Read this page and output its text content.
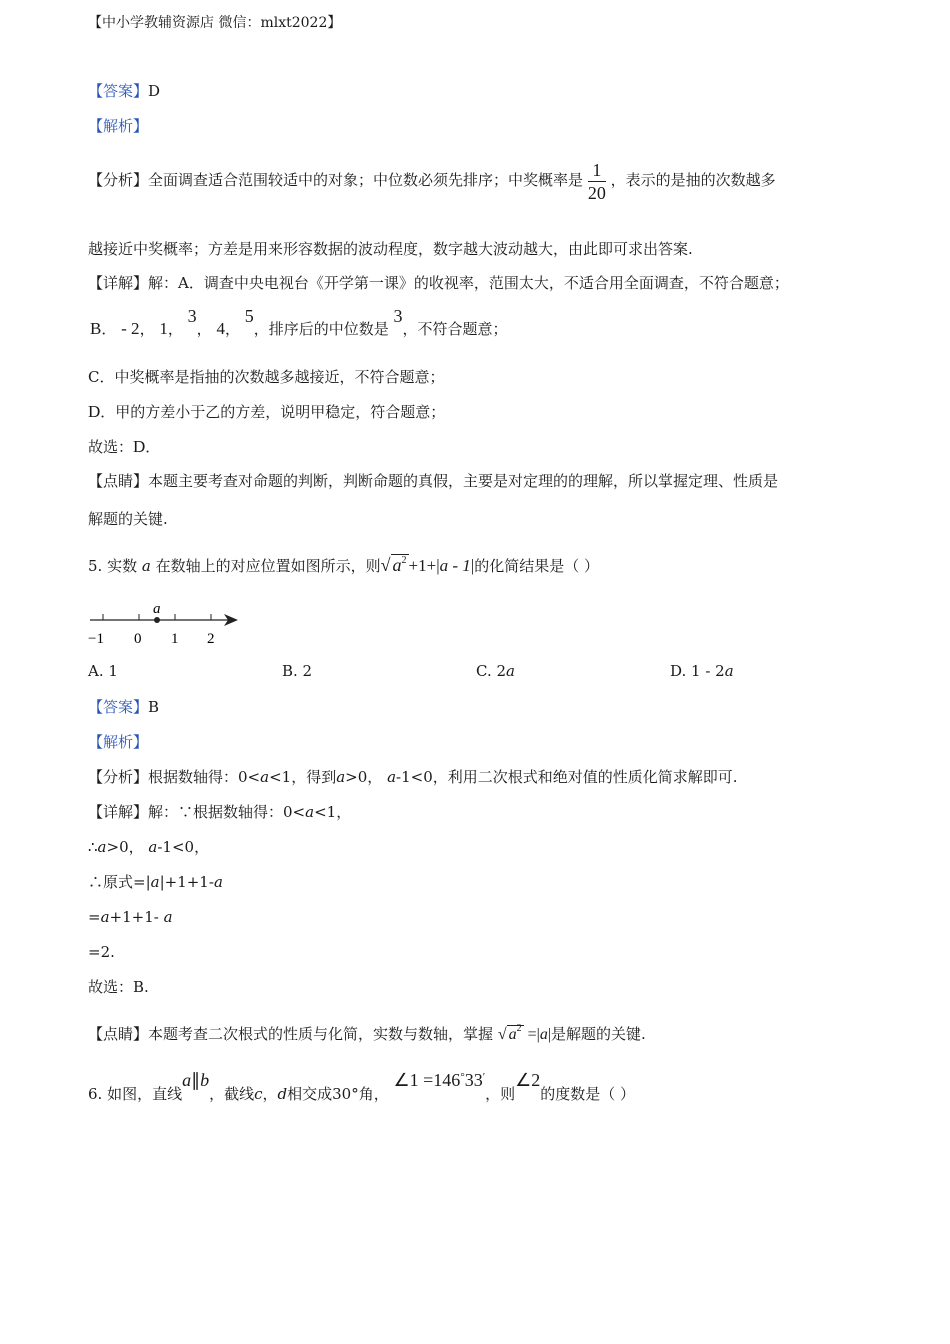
【中小学教辅资源店 微信：mlxt2022】
【答案】D
【解析】
【分析】全面调查适合范围较适中的对象；中位数必须先排序；中奖概率是 $\frac{1}{20}$ ，表示的是抽的次数越多
越接近中奖概率；方差是用来形容数据的波动程度，数字越大波动越大，由此即可求出答案.
【详解】解：A．调查中央电视台《开学第一课》的收视率，范围太大，不适合用全面调查，不符合题意；
B． - 2， 1， 3， 4， 5，排序后的中位数是 3，不符合题意；
C．中奖概率是指抽的次数越多越接近，不符合题意；
D．甲的方差小于乙的方差，说明甲稳定，符合题意；
故选：D．
【点睛】本题主要考查对命题的判断，判断命题的真假，主要是对定理的的理解，所以掌握定理、性质是
解题的关键.
5. 实数 a 在数轴上的对应位置如图所示，则√ $a^2 +1+|a - 1|$的化简结果是（ ）
a
−1 0 1 2
A. 1	B. 2	C. 2a	D. 1 - 2a
【答案】B
【解析】
【分析】根据数轴得：0<a<1，得到a>0， a-1<0，利用二次根式和绝对值的性质化简求解即可.
【详解】解：∵根据数轴得：0<a<1，
∴a>0， a-1<0，
∴原式=|a|+1+1-a
=a+1+1- a
=2.
故选：B.
【点睛】本题考查二次根式的性质与化简，实数与数轴，掌握 √ $a^2 =|a|$是解题的关键.
6. 如图，直线a∥b，截线c，d相交成30°角， ∠1 =146°33′，则∠2的度数是（ ）
